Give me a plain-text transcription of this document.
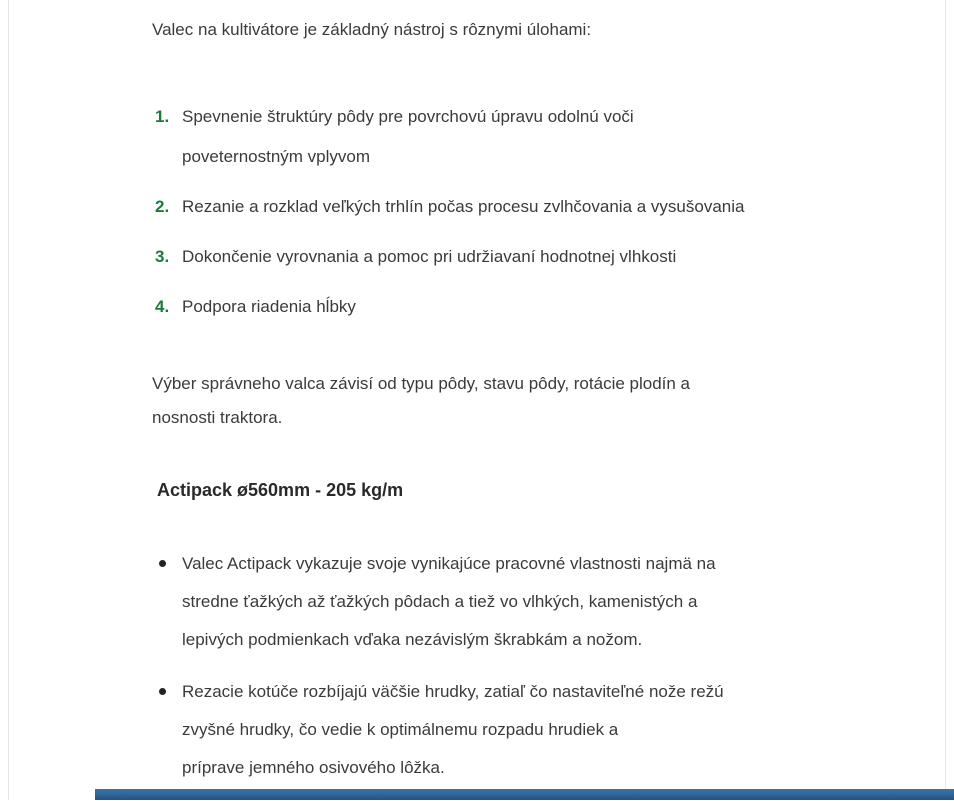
Valec na kultivátore je základný nástroj s rôznymi úlohami:

1. Spevnenie štruktúry pôdy pre povrchovú úpravu odolnú voči
poveternostným vplyvom
2. Rezanie a rozklad veľkých trhlín počas procesu zvlhčovania a vysušovania
3. Dokončenie vyrovnania a pomoc pri udržiavaní hodnotnej vlhkosti
4. Podpora riadenia hĺbky

Výber správneho valca závisí od typu pôdy, stavu pôdy, rotácie plodín a
nosnosti traktora.

Actipack ø560mm - 205 kg/m
Valec Actipack vykazuje svoje vynikajúce pracovné vlastnosti najmä na
stredne ťažkých až ťažkých pôdach a tiež vo vlhkých, kamenistých a
lepivých podmienkach vďaka nezávislým škrabkám a nožom.
Rezacie kotúče rozbíjajú väčšie hrudky, zatiaľ čo nastaviteľné nože režú
zvyšné hrudky, čo vedie k optimálnemu rozpadu hrudiek a
príprave jemného osivového lôžka.
